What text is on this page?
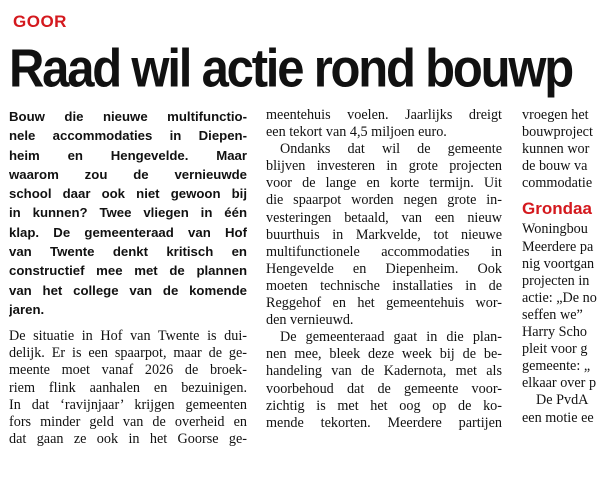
GOOR
Raad wil actie rond bouwp
Bouw die nieuwe multifunctio-
nele accommodaties in Diepen-
heim en Hengevelde. Maar
waarom zou de vernieuwde
school daar ook niet gewoon bij
in kunnen? Twee vliegen in één
klap. De gemeenteraad van Hof
van Twente denkt kritisch en
constructief mee met de plannen
van het college van de komende
jaren.
De situatie in Hof van Twente is dui-
delijk. Er is een spaarpot, maar de ge-
meente moet vanaf 2026 de broek-
riem flink aanhalen en bezuinigen.
In dat ‘ravijnjaar’ krijgen gemeenten
fors minder geld van de overheid en
dat gaan ze ook in het Goorse ge-
meentehuis voelen. Jaarlijks dreigt
een tekort van 4,5 miljoen euro.
Ondanks dat wil de gemeente
blijven investeren in grote projecten
voor de lange en korte termijn. Uit
die spaarpot worden negen grote in-
vesteringen betaald, van een nieuw
buurthuis in Markvelde, tot nieuwe
multifunctionele accommodaties in
Hengevelde en Diepenheim. Ook
moeten technische installaties in de
Reggehof en het gemeentehuis wor-
den vernieuwd.
De gemeenteraad gaat in die plan-
nen mee, bleek deze week bij de be-
handeling van de Kadernota, met als
voorbehoud dat de gemeente voor-
zichtig is met het oog op de ko-
mende tekorten. Meerdere partijen
vroegen het
bouwproject
kunnen wor
de bouw va
commodatie
Grondaa
Woningbou
Meerdere pa
nig voortgan
projecten in
actie: „De no
seffen we”
Harry Scho
pleit voor g
gemeente: „
elkaar over p
De PvdA
een motie ee
